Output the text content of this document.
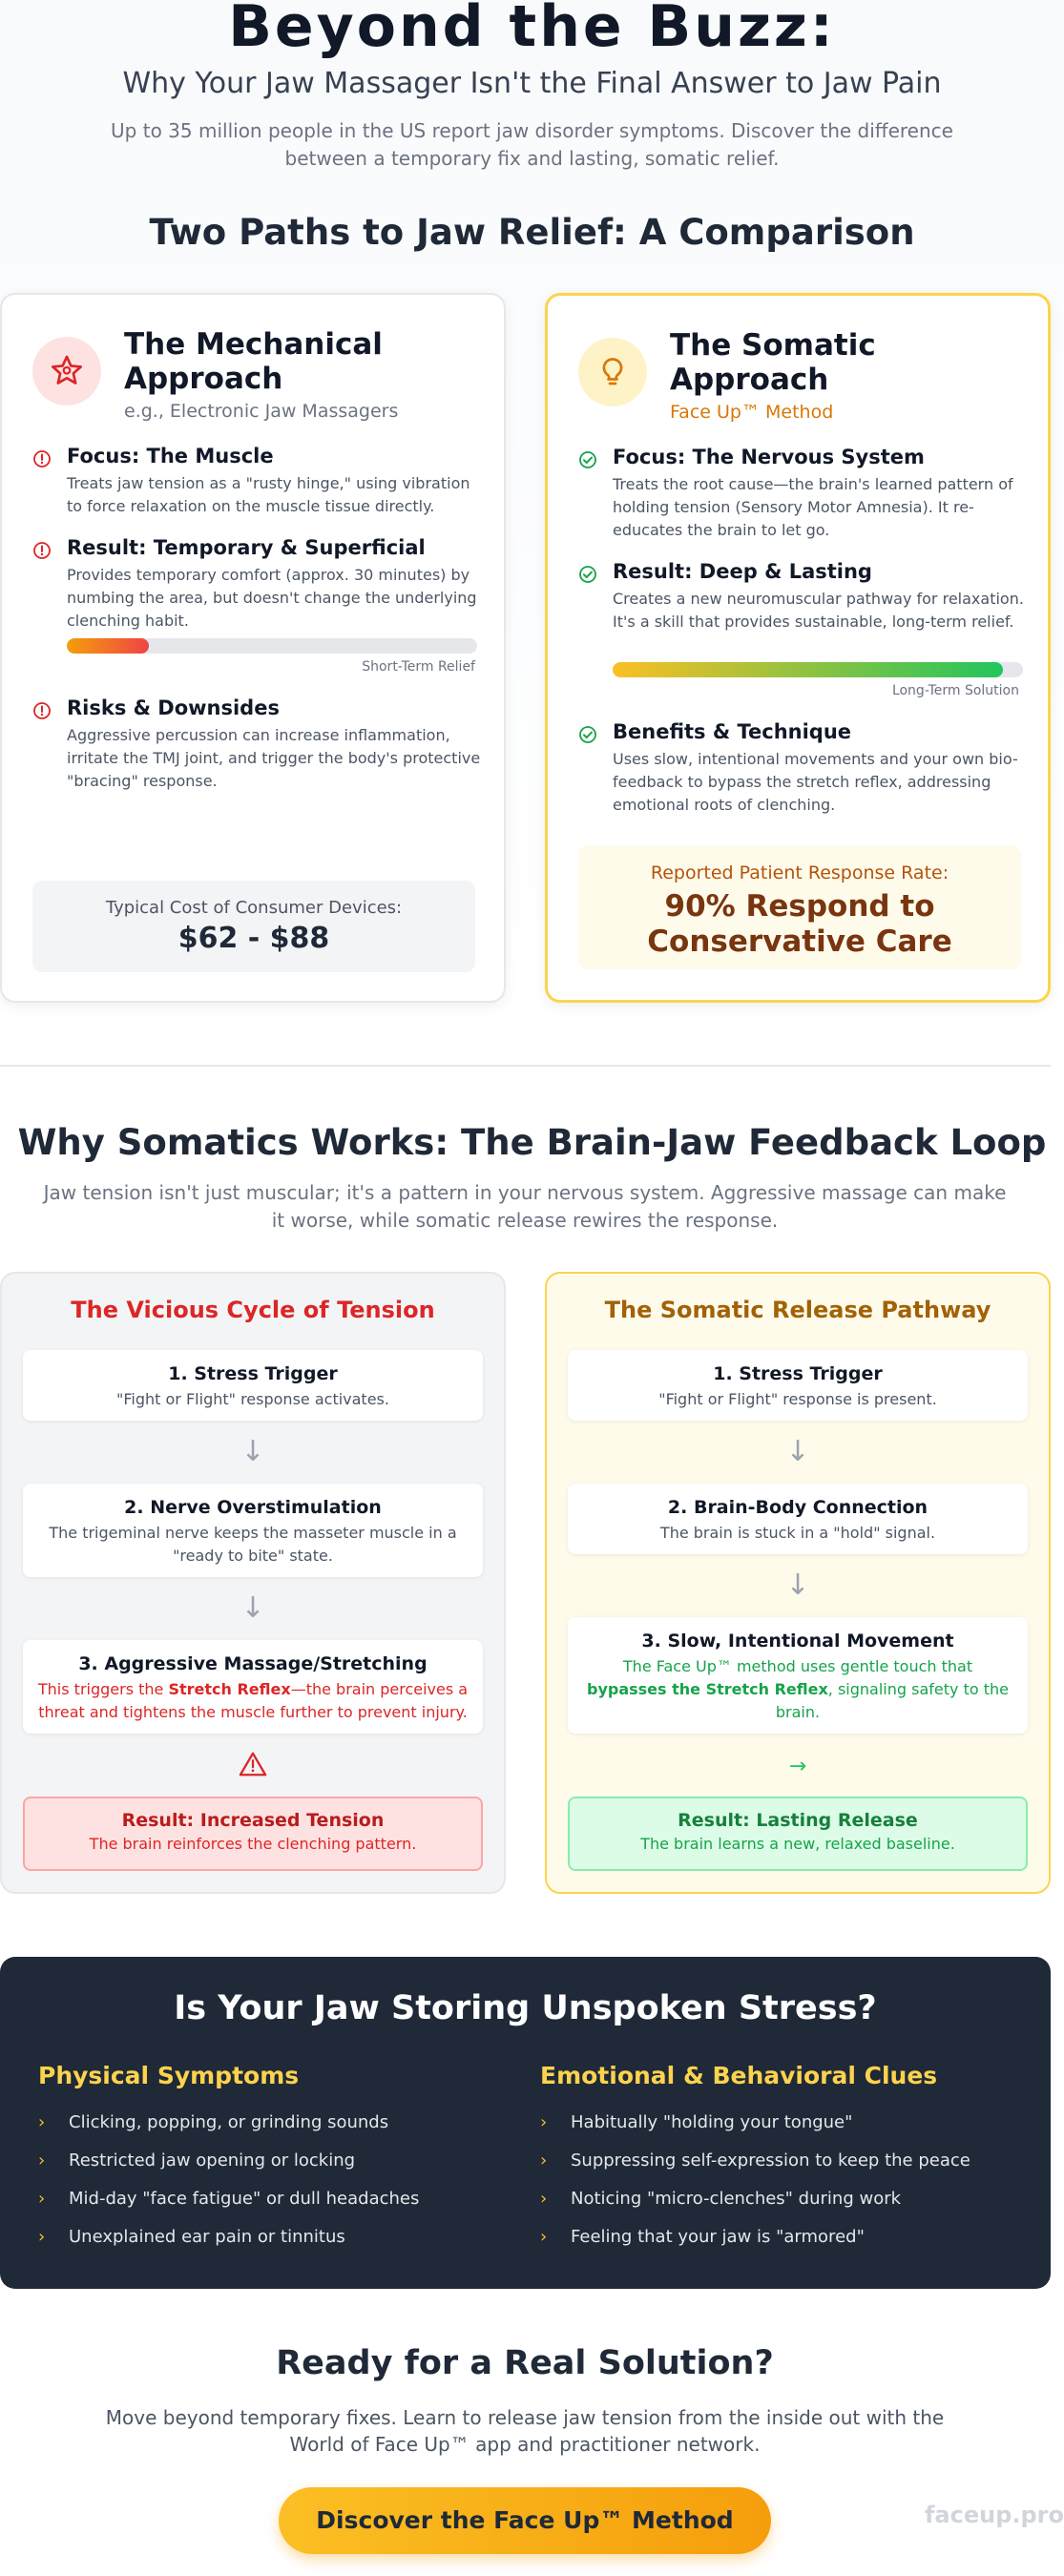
Beyond the Buzz:
Why Your Jaw Massager Isn't the Final Answer to Jaw Pain
Up to 35 million people in the US report jaw disorder symptoms. Discover the difference between a temporary fix and lasting, somatic relief.
Two Paths to Jaw Relief: A Comparison
The Mechanical Approach
e.g., Electronic Jaw Massagers
Focus: The Muscle
Treats jaw tension as a "rusty hinge," using vibration to force relaxation on the muscle tissue directly.
Result: Temporary & Superficial
Provides temporary comfort (approx. 30 minutes) by numbing the area, but doesn't change the underlying clenching habit.
Short-Term Relief
Risks & Downsides
Aggressive percussion can increase inflammation, irritate the TMJ joint, and trigger the body's protective "bracing" response.
Typical Cost of Consumer Devices:
$62 - $88
The Somatic Approach
Face Up™ Method
Focus: The Nervous System
Treats the root cause—the brain's learned pattern of holding tension (Sensory Motor Amnesia). It re-educates the brain to let go.
Result: Deep & Lasting
Creates a new neuromuscular pathway for relaxation. It's a skill that provides sustainable, long-term relief.
Long-Term Solution
Benefits & Technique
Uses slow, intentional movements and your own bio-feedback to bypass the stretch reflex, addressing emotional roots of clenching.
Reported Patient Response Rate:
90% Respond to Conservative Care
Why Somatics Works: The Brain-Jaw Feedback Loop
Jaw tension isn't just muscular; it's a pattern in your nervous system. Aggressive massage can make it worse, while somatic release rewires the response.
The Vicious Cycle of Tension
1. Stress Trigger
"Fight or Flight" response activates.
↓
2. Nerve Overstimulation
The trigeminal nerve keeps the masseter muscle in a "ready to bite" state.
↓
3. Aggressive Massage/Stretching
This triggers the Stretch Reflex—the brain perceives a threat and tightens the muscle further to prevent injury.
Result: Increased Tension
The brain reinforces the clenching pattern.
The Somatic Release Pathway
1. Stress Trigger
"Fight or Flight" response is present.
↓
2. Brain-Body Connection
The brain is stuck in a "hold" signal.
↓
3. Slow, Intentional Movement
The Face Up™ method uses gentle touch that bypasses the Stretch Reflex, signaling safety to the brain.
→
Result: Lasting Release
The brain learns a new, relaxed baseline.
Is Your Jaw Storing Unspoken Stress?
Physical Symptoms
› Clicking, popping, or grinding sounds
› Restricted jaw opening or locking
› Mid-day "face fatigue" or dull headaches
› Unexplained ear pain or tinnitus
Emotional & Behavioral Clues
› Habitually "holding your tongue"
› Suppressing self-expression to keep the peace
› Noticing "micro-clenches" during work
› Feeling that your jaw is "armored"
Ready for a Real Solution?
Move beyond temporary fixes. Learn to release jaw tension from the inside out with the World of Face Up™ app and practitioner network.
Discover the Face Up™ Method	faceup.pro
